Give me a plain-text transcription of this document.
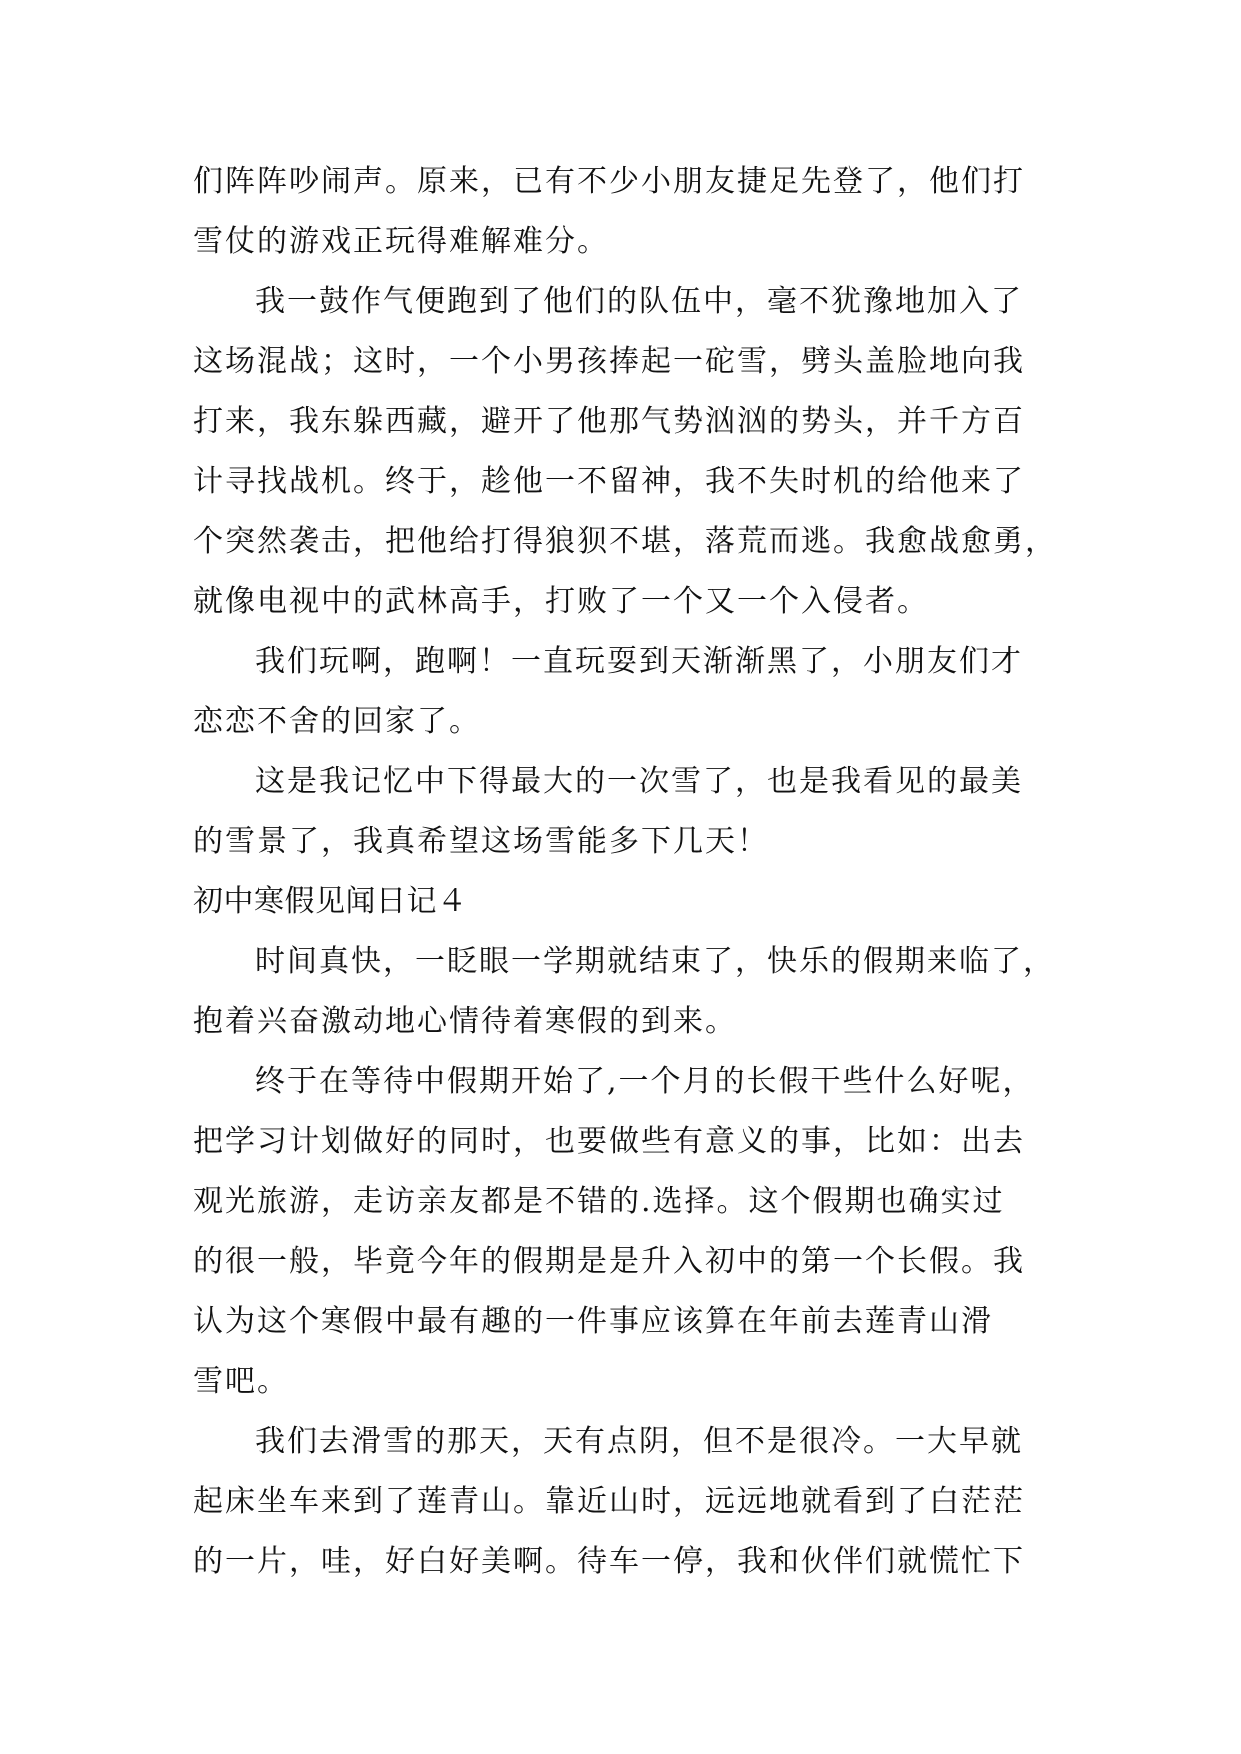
们阵阵吵闹声。原来，已有不少小朋友捷足先登了，他们打
雪仗的游戏正玩得难解难分。
我一鼓作气便跑到了他们的队伍中，毫不犹豫地加入了
这场混战；这时，一个小男孩捧起一砣雪，劈头盖脸地向我
打来，我东躲西藏，避开了他那气势汹汹的势头，并千方百
计寻找战机。终于，趁他一不留神，我不失时机的给他来了
个突然袭击，把他给打得狼狈不堪，落荒而逃。我愈战愈勇，
就像电视中的武林高手，打败了一个又一个入侵者。
我们玩啊，跑啊！一直玩耍到天渐渐黑了，小朋友们才
恋恋不舍的回家了。
这是我记忆中下得最大的一次雪了，也是我看见的最美
的雪景了，我真希望这场雪能多下几天！
初中寒假见闻日记４
时间真快，一眨眼一学期就结束了，快乐的假期来临了，
抱着兴奋激动地心情待着寒假的到来。
终于在等待中假期开始了,一个月的长假干些什么好呢，
把学习计划做好的同时，也要做些有意义的事，比如：出去
观光旅游，走访亲友都是不错的.选择。这个假期也确实过
的很一般，毕竟今年的假期是是升入初中的第一个长假。我
认为这个寒假中最有趣的一件事应该算在年前去莲青山滑
雪吧。
我们去滑雪的那天，天有点阴，但不是很冷。一大早就
起床坐车来到了莲青山。靠近山时，远远地就看到了白茫茫
的一片，哇，好白好美啊。待车一停，我和伙伴们就慌忙下
